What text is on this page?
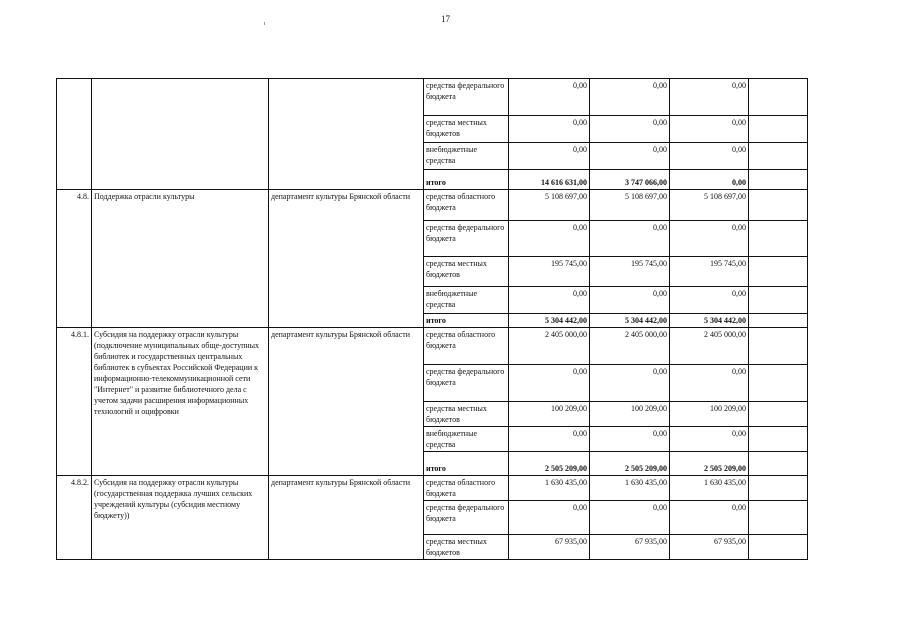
17
			средства федерального бюджета	0,00	0,00	0,00	
			средства местных бюджетов	0,00	0,00	0,00	
			внебюджетные средства	0,00	0,00	0,00	
			итого	14 616 631,00	3 747 066,00	0,00	
4.8.	Поддержка отрасли культуры	департамент культуры Брянской области	средства областного бюджета	5 108 697,00	5 108 697,00	5 108 697,00	
			средства федерального бюджета	0,00	0,00	0,00	
			средства местных бюджетов	195 745,00	195 745,00	195 745,00	
			внебюджетные средства	0,00	0,00	0,00	
			итого	5 304 442,00	5 304 442,00	5 304 442,00	
4.8.1.	Субсидия на поддержку отрасли культуры (подключение муниципальных обще-доступных библиотек и государственных центральных библиотек в субъектах Российской Федерации к информационно-телекоммуникационной сети "Интернет" и развитие библиотечного дела с учетом задачи расширения информационных технологий и оцифровки	департамент культуры Брянской области	средства областного бюджета	2 405 000,00	2 405 000,00	2 405 000,00	
			средства федерального бюджета	0,00	0,00	0,00	
			средства местных бюджетов	100 209,00	100 209,00	100 209,00	
			внебюджетные средства	0,00	0,00	0,00	
			итого	2 505 209,00	2 505 209,00	2 505 209,00	
4.8.2.	Субсидия на поддержку отрасли культуры (государственная поддержка лучших сельских учреждений культуры (субсидия местному бюджету))	департамент культуры Брянской области	средства областного бюджета	1 630 435,00	1 630 435,00	1 630 435,00	
			средства федерального бюджета	0,00	0,00	0,00	
			средства местных бюджетов	67 935,00	67 935,00	67 935,00	
